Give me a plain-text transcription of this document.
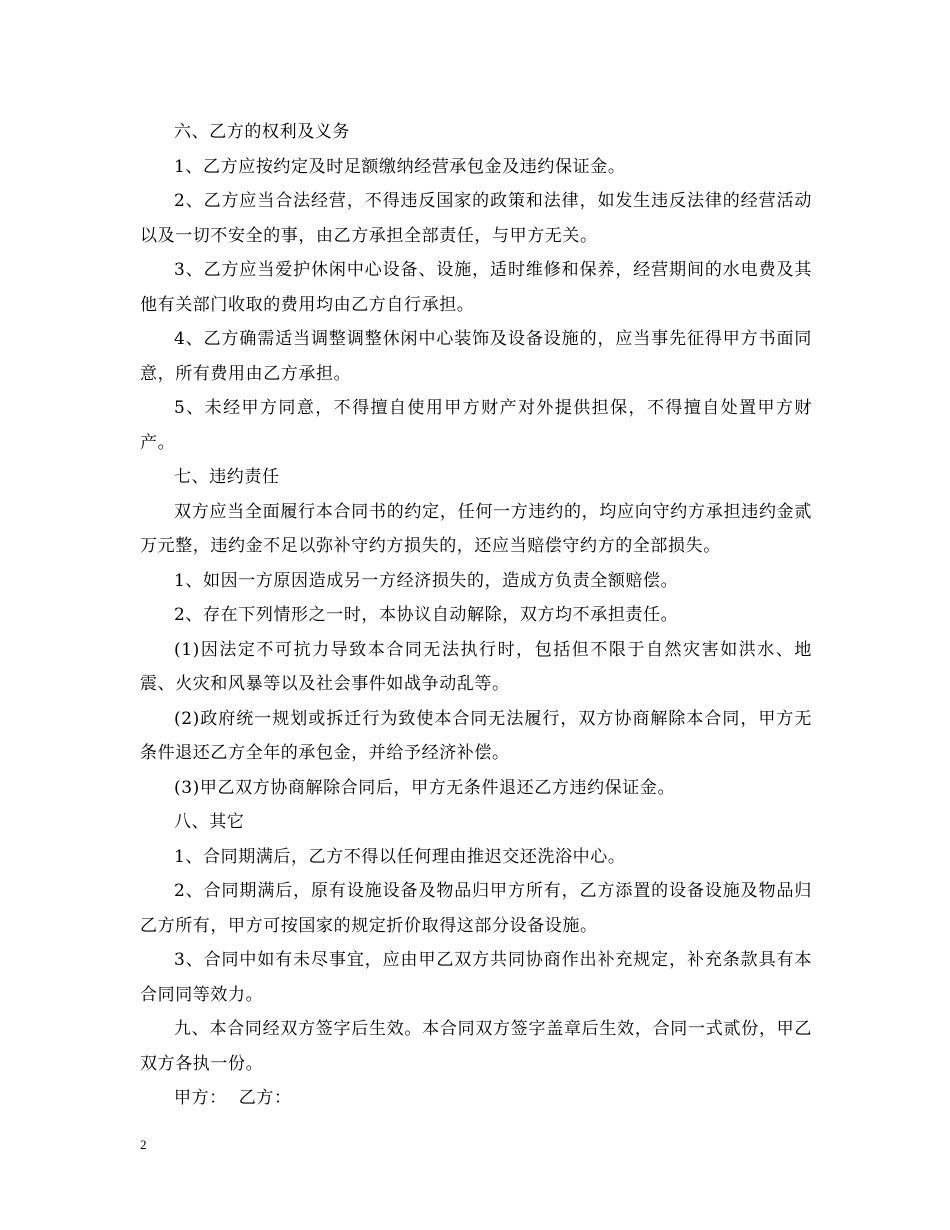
六、乙方的权利及义务

1、乙方应按约定及时足额缴纳经营承包金及违约保证金。

2、乙方应当合法经营，不得违反国家的政策和法律，如发生违反法律的经营活动以及一切不安全的事，由乙方承担全部责任，与甲方无关。

3、乙方应当爱护休闲中心设备、设施，适时维修和保养，经营期间的水电费及其他有关部门收取的费用均由乙方自行承担。

4、乙方确需适当调整调整休闲中心装饰及设备设施的，应当事先征得甲方书面同意，所有费用由乙方承担。

5、未经甲方同意，不得擅自使用甲方财产对外提供担保，不得擅自处置甲方财产。

七、违约责任

双方应当全面履行本合同书的约定，任何一方违约的，均应向守约方承担违约金贰万元整，违约金不足以弥补守约方损失的，还应当赔偿守约方的全部损失。

1、如因一方原因造成另一方经济损失的，造成方负责全额赔偿。

2、存在下列情形之一时，本协议自动解除，双方均不承担责任。

(1)因法定不可抗力导致本合同无法执行时，包括但不限于自然灾害如洪水、地震、火灾和风暴等以及社会事件如战争动乱等。

(2)政府统一规划或拆迁行为致使本合同无法履行，双方协商解除本合同，甲方无条件退还乙方全年的承包金，并给予经济补偿。

(3)甲乙双方协商解除合同后，甲方无条件退还乙方违约保证金。

八、其它

1、合同期满后，乙方不得以任何理由推迟交还洗浴中心。

2、合同期满后，原有设施设备及物品归甲方所有，乙方添置的设备设施及物品归乙方所有，甲方可按国家的规定折价取得这部分设备设施。

3、合同中如有未尽事宜，应由甲乙双方共同协商作出补充规定，补充条款具有本合同同等效力。

九、本合同经双方签字后生效。本合同双方签字盖章后生效，合同一式贰份，甲乙双方各执一份。

甲方：  乙方：

2
